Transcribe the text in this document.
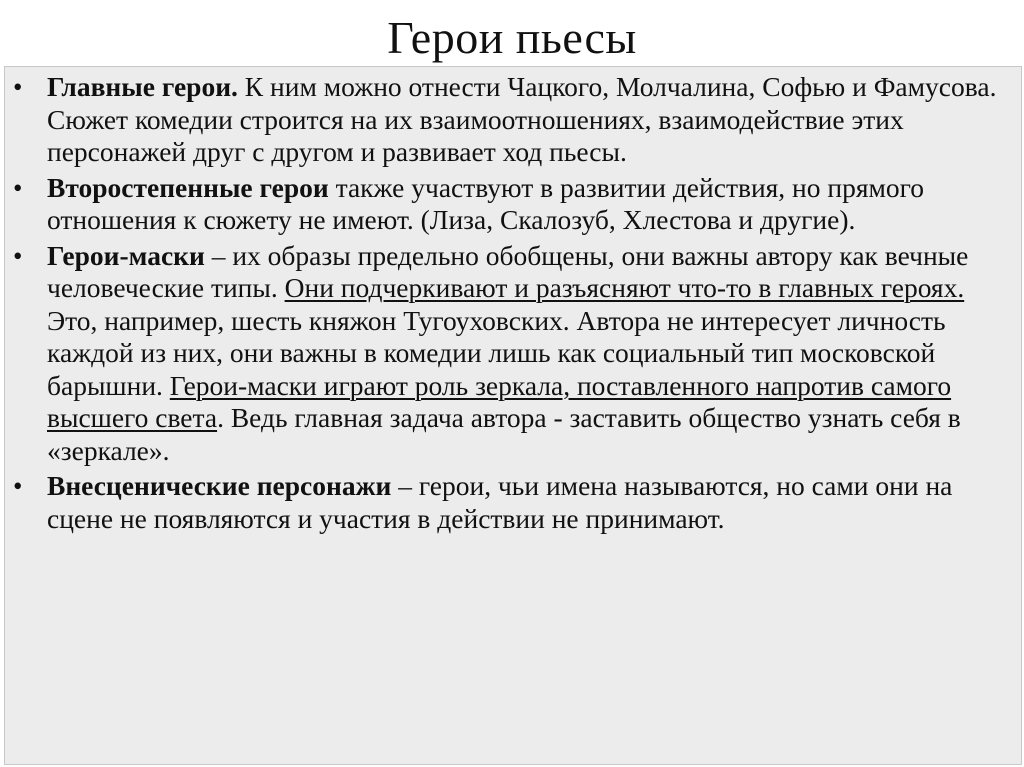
Герои пьесы
• Главные герои. К ним можно отнести Чацкого, Молчалина, Софью и Фамусова. Сюжет комедии строится на их взаимоотношениях, взаимодействие этих персонажей друг с другом и развивает ход пьесы.
• Второстепенные герои также участвуют в развитии действия, но прямого отношения к сюжету не имеют. (Лиза, Скалозуб, Хлестова и другие).
• Герои-маски – их образы предельно обобщены, они важны автору как вечные человеческие типы. Они подчеркивают и разъясняют что-то в главных героях. Это, например, шесть княжон Тугоуховских. Автора не интересует личность каждой из них, они важны в комедии лишь как социальный тип московской барышни. Герои-маски играют роль зеркала, поставленного напротив самого высшего света. Ведь главная задача автора - заставить общество узнать себя в «зеркале».
• Внесценические персонажи – герои, чьи имена называются, но сами они на сцене не появляются и участия в действии не принимают.
